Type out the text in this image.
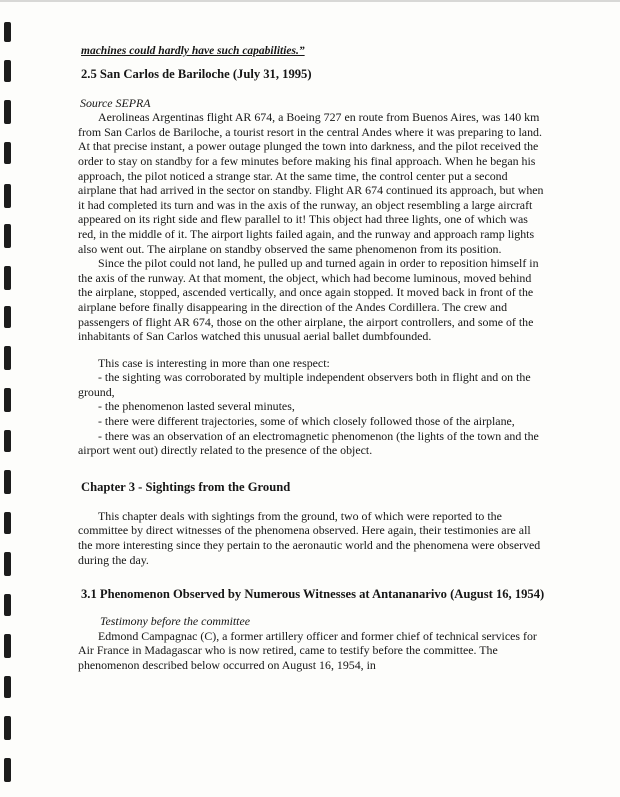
machines could hardly have such capabilities.”
2.5 San Carlos de Bariloche (July 31, 1995)

Source SEPRA

Aerolineas Argentinas flight AR 674, a Boeing 727 en route from Buenos Aires, was 140 km from San Carlos de Bariloche, a tourist resort in the central Andes where it was preparing to land.

At that precise instant, a power outage plunged the town into darkness, and the pilot received the order to stay on standby for a few minutes before making his final approach. When he began his approach, the pilot noticed a strange star. At the same time, the control center put a second airplane that had arrived in the sector on standby. Flight AR 674 continued its approach, but when it had completed its turn and was in the axis of the runway, an object resembling a large aircraft appeared on its right side and flew parallel to it! This object had three lights, one of which was red, in the middle of it. The airport lights failed again, and the runway and approach ramp lights also went out. The airplane on standby observed the same phenomenon from its position.

Since the pilot could not land, he pulled up and turned again in order to reposition himself in the axis of the runway. At that moment, the object, which had become luminous, moved behind the airplane, stopped, ascended vertically, and once again stopped. It moved back in front of the airplane before finally disappearing in the direction of the Andes Cordillera. The crew and passengers of flight AR 674, those on the other airplane, the airport controllers, and some of the inhabitants of San Carlos watched this unusual aerial ballet dumbfounded.

This case is interesting in more than one respect:

- the sighting was corroborated by multiple independent observers both in flight and on the ground,
- the phenomenon lasted several minutes,
- there were different trajectories, some of which closely followed those of the airplane,
- there was an observation of an electromagnetic phenomenon (the lights of the town and the airport went out) directly related to the presence of the object.
Chapter 3 - Sightings from the Ground

This chapter deals with sightings from the ground, two of which were reported to the committee by direct witnesses of the phenomena observed. Here again, their testimonies are all the more interesting since they pertain to the aeronautic world and the phenomena were observed during the day.

3.1 Phenomenon Observed by Numerous Witnesses at Antananarivo (August 16, 1954)

Testimony before the committee

Edmond Campagnac (C), a former artillery officer and former chief of technical services for Air France in Madagascar who is now retired, came to testify before the committee. The phenomenon described below occurred on August 16, 1954, in
